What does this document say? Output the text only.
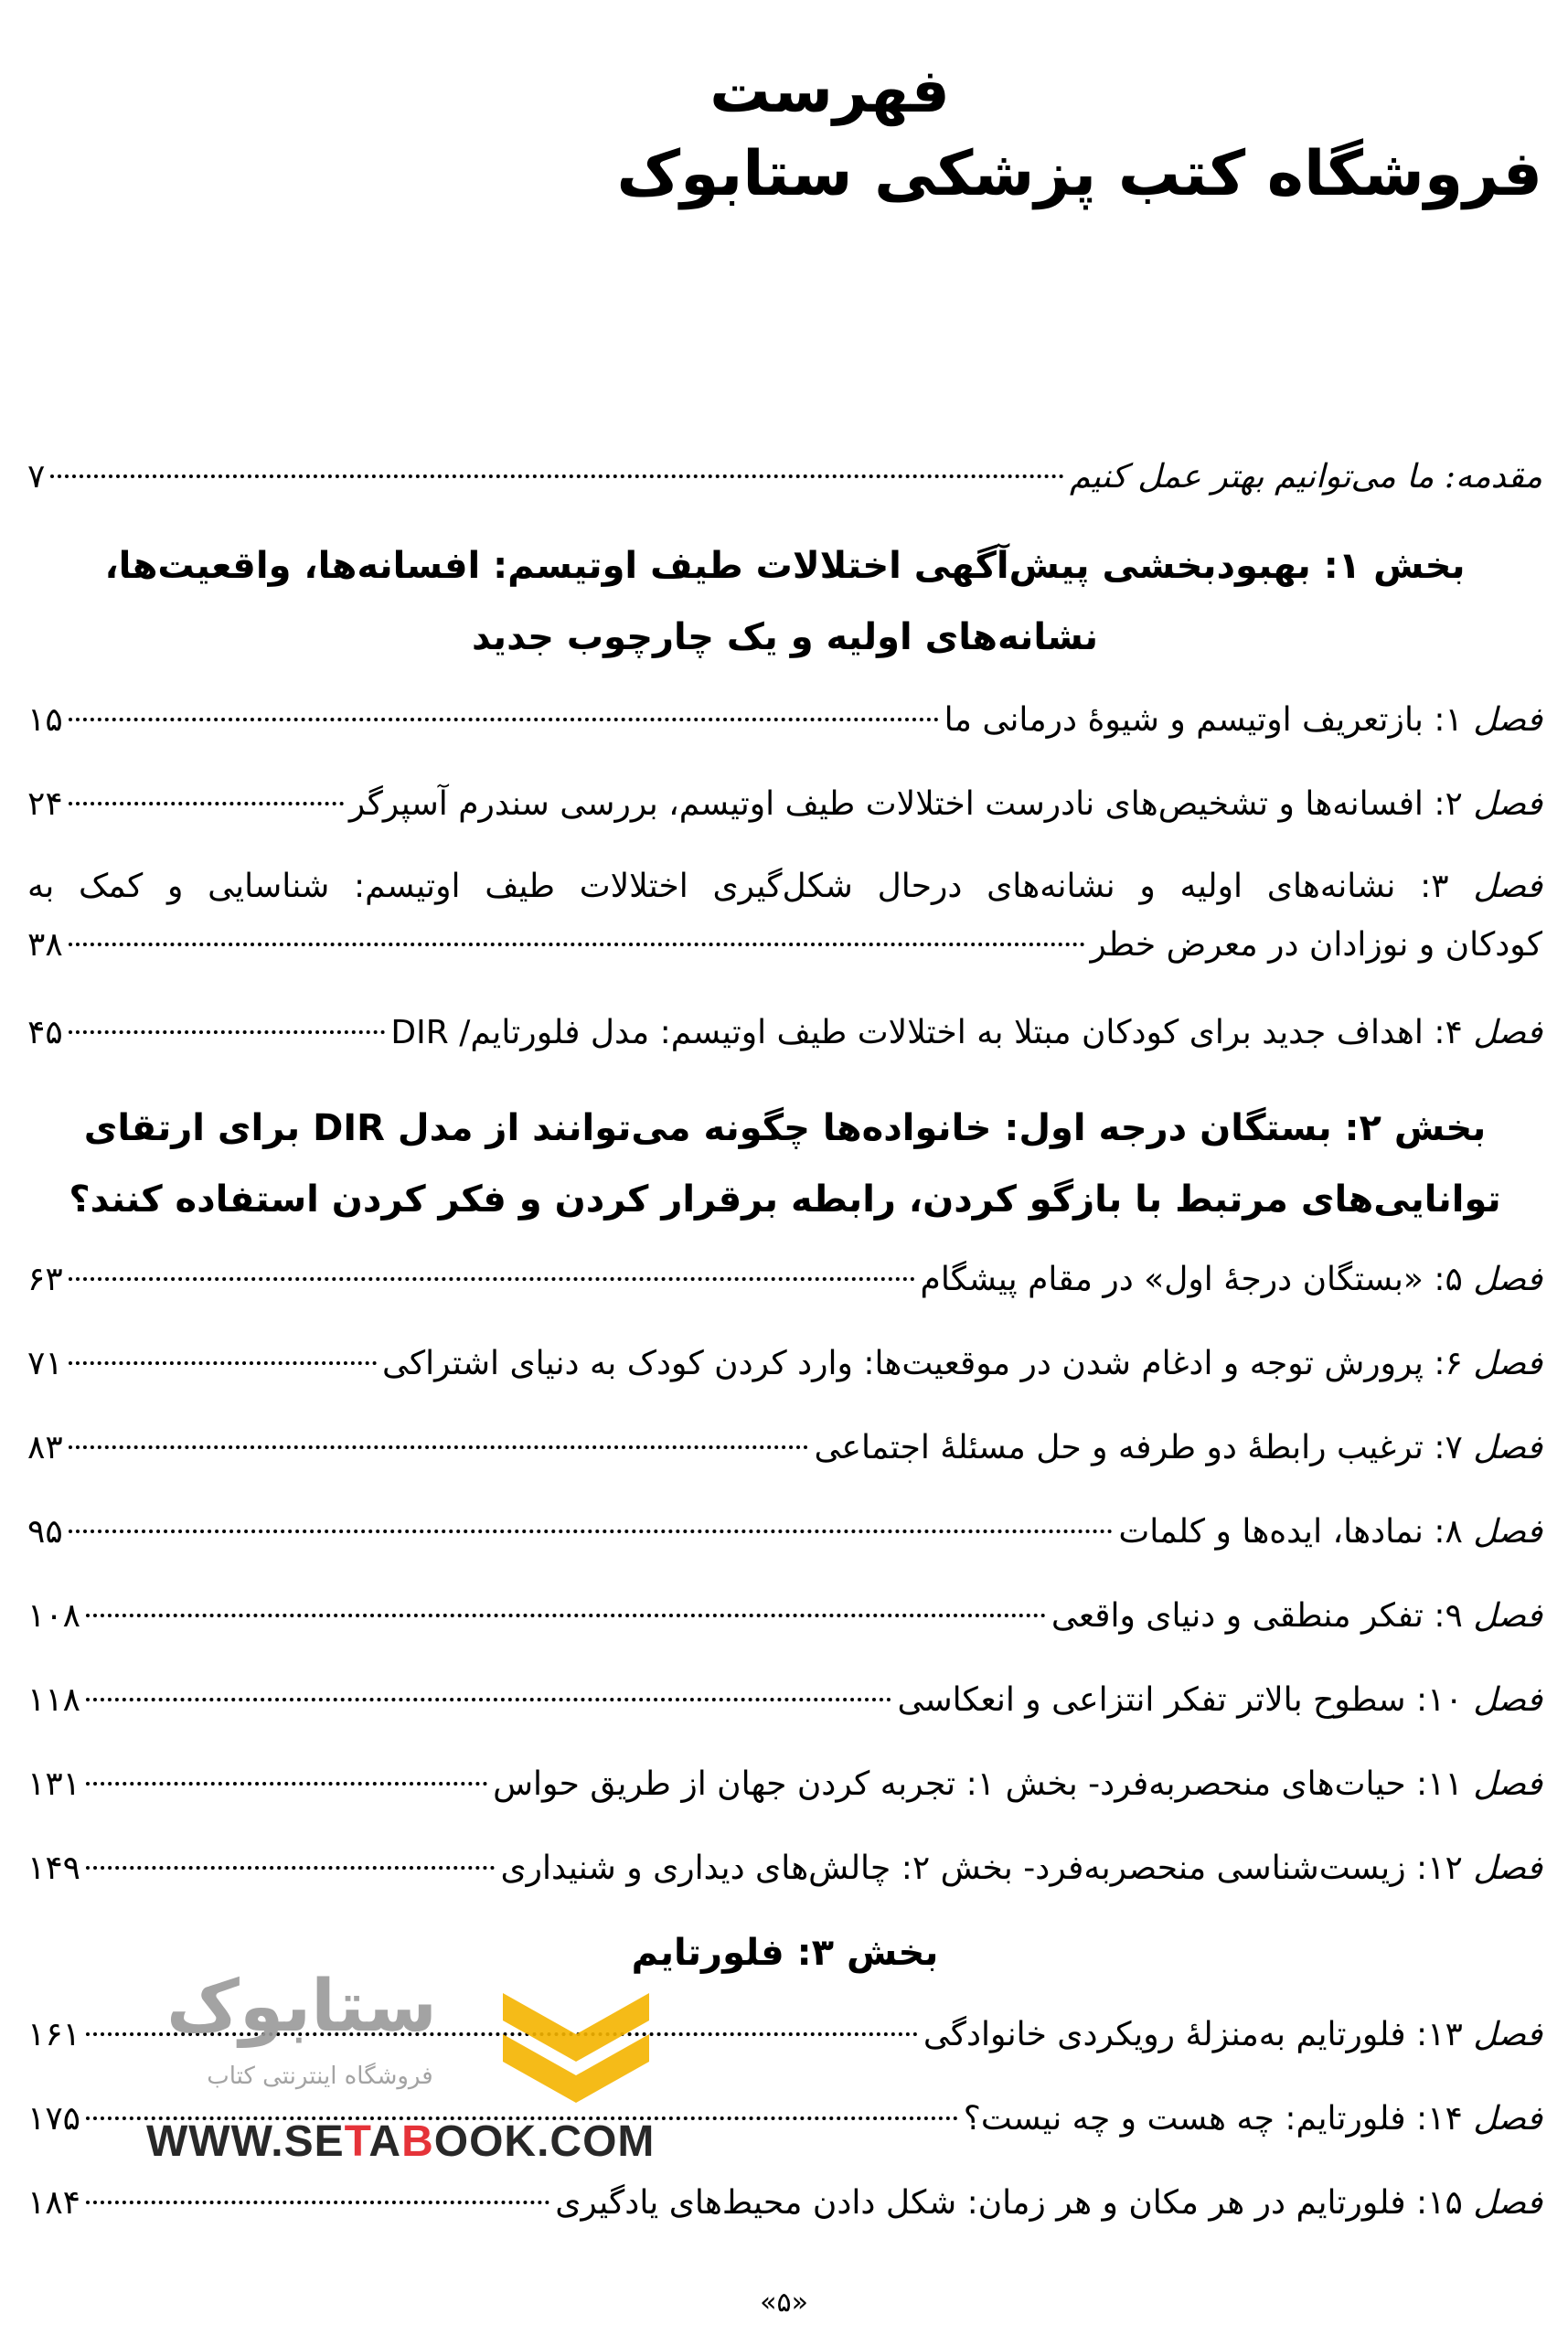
فهرست
فروشگاه کتب پزشکی ستابوک
مقدمه: ما می‌توانیم بهتر عمل کنیم
۷
بخش ۱: بهبودبخشی پیش‌آگهی اختلالات طیف اوتیسم: افسانه‌ها، واقعیت‌ها، نشانه‌های اولیه و یک چارچوب جدید
فصل ۱: بازتعریف اوتیسم و شیوهٔ درمانی ما
۱۵
فصل ۲: افسانه‌ها و تشخیص‌های نادرست اختلالات طیف اوتیسم، بررسی سندرم آسپرگر
۲۴
فصل ۳: نشانه‌های اولیه و نشانه‌های درحال شکل‌گیری اختلالات طیف اوتیسم: شناسایی و کمک به
کودکان و نوزادان در معرض خطر
۳۸
فصل ۴: اهداف جدید برای کودکان مبتلا به اختلالات طیف اوتیسم: مدل فلورتایم/ DIR
۴۵
بخش ۲: بستگان درجه اول: خانواده‌ها چگونه می‌توانند از مدل DIR برای ارتقای توانایی‌های مرتبط با بازگو کردن، رابطه برقرار کردن و فکر کردن استفاده کنند؟
فصل ۵: «بستگان درجهٔ اول» در مقام پیشگام
۶۳
فصل ۶: پرورش توجه و ادغام شدن در موقعیت‌ها: وارد کردن کودک به دنیای اشتراکی
۷۱
فصل ۷: ترغیب رابطهٔ دو طرفه و حل مسئلهٔ اجتماعی
۸۳
فصل ۸: نمادها، ایده‌ها و کلمات
۹۵
فصل ۹: تفکر منطقی و دنیای واقعی
۱۰۸
فصل ۱۰: سطوح بالاتر تفکر انتزاعی و انعکاسی
۱۱۸
فصل ۱۱: حیات‌های منحصربه‌فرد- بخش ۱: تجربه کردن جهان از طریق حواس
۱۳۱
فصل ۱۲: زیست‌شناسی منحصربه‌فرد- بخش ۲: چالش‌های دیداری و شنیداری
۱۴۹
بخش ۳: فلورتایم
فصل ۱۳: فلورتایم به‌منزلهٔ رویکردی خانوادگی
۱۶۱
فصل ۱۴: فلورتایم: چه هست و چه نیست؟
۱۷۵
فصل ۱۵: فلورتایم در هر مکان و هر زمان: شکل دادن محیط‌های یادگیری
۱۸۴
ستابوک
فروشگاه اینترنتی کتاب
WWW.SETABOOK.COM
«۵»
